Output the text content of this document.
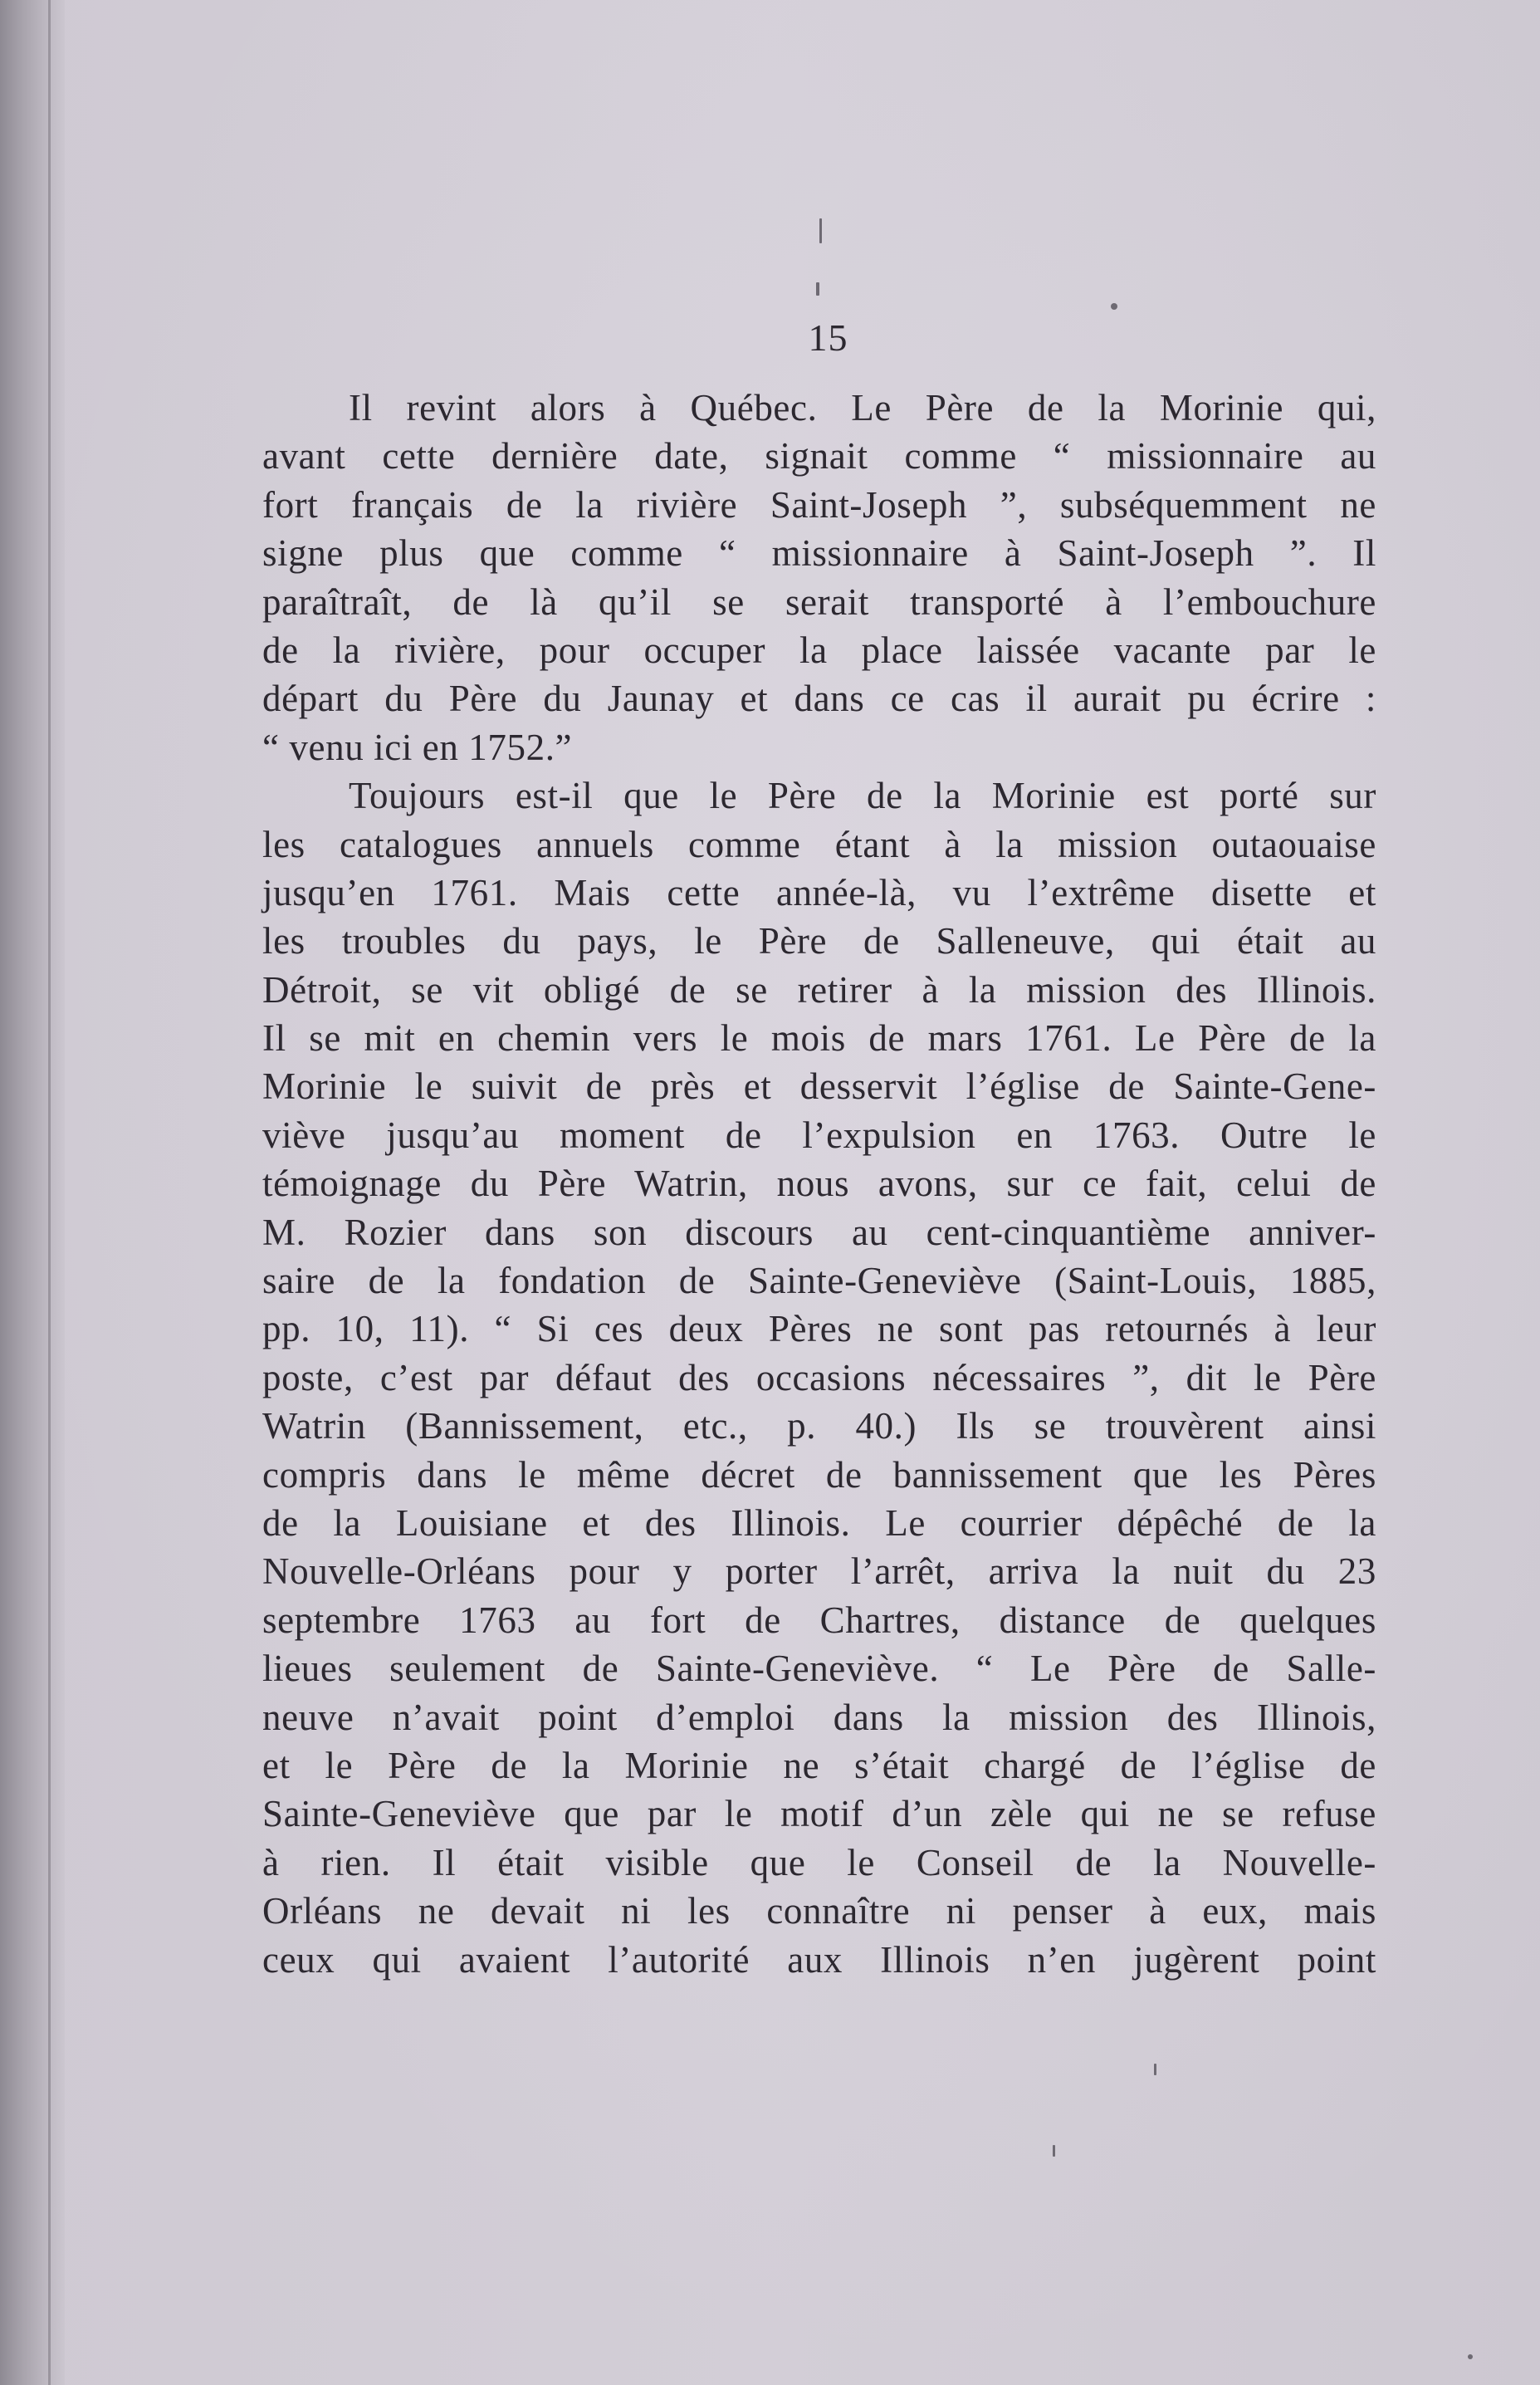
15
Il revint alors à Québec. Le Père de la Morinie qui,
avant cette dernière date, signait comme “ missionnaire au
fort français de la rivière Saint-Joseph ”, subséquemment ne
signe plus que comme “ missionnaire à Saint-Joseph ”. Il
paraîtraît, de là qu’il se serait transporté à l’embouchure
de la rivière, pour occuper la place laissée vacante par le
départ du Père du Jaunay et dans ce cas il aurait pu écrire :
“ venu ici en 1752.”
Toujours est-il que le Père de la Morinie est porté sur
les catalogues annuels comme étant à la mission outaouaise
jusqu’en 1761. Mais cette année-là, vu l’extrême disette et
les troubles du pays, le Père de Salleneuve, qui était au
Détroit, se vit obligé de se retirer à la mission des Illinois.
Il se mit en chemin vers le mois de mars 1761. Le Père de la
Morinie le suivit de près et desservit l’église de Sainte-Gene-
viève jusqu’au moment de l’expulsion en 1763. Outre le
témoignage du Père Watrin, nous avons, sur ce fait, celui de
M. Rozier dans son discours au cent-cinquantième anniver-
saire de la fondation de Sainte-Geneviève (Saint-Louis, 1885,
pp. 10, 11). “ Si ces deux Pères ne sont pas retournés à leur
poste, c’est par défaut des occasions nécessaires ”, dit le Père
Watrin (Bannissement, etc., p. 40.) Ils se trouvèrent ainsi
compris dans le même décret de bannissement que les Pères
de la Louisiane et des Illinois. Le courrier dépêché de la
Nouvelle-Orléans pour y porter l’arrêt, arriva la nuit du 23
septembre 1763 au fort de Chartres, distance de quelques
lieues seulement de Sainte-Geneviève. “ Le Père de Salle-
neuve n’avait point d’emploi dans la mission des Illinois,
et le Père de la Morinie ne s’était chargé de l’église de
Sainte-Geneviève que par le motif d’un zèle qui ne se refuse
à rien. Il était visible que le Conseil de la Nouvelle-
Orléans ne devait ni les connaître ni penser à eux, mais
ceux qui avaient l’autorité aux Illinois n’en jugèrent point
